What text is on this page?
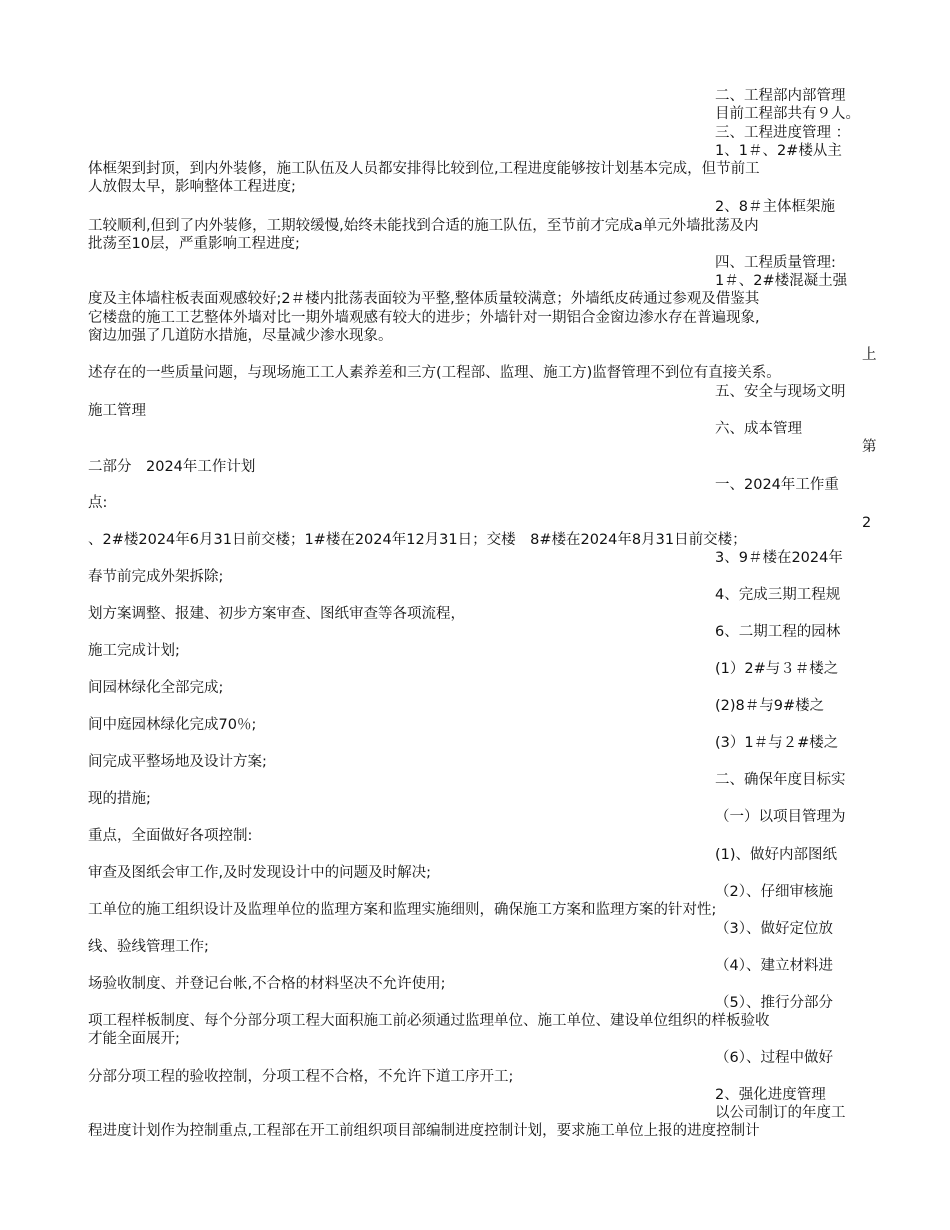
二、工程部内部管理
目前工程部共有９人。
三、工程进度管理 ：
1、1＃、2#楼从主
体框架到封顶，到内外装修，施工队伍及人员都安排得比较到位,工程进度能够按计划基本完成，但节前工
人放假太早，影响整体工程进度;
2、8＃主体框架施
工较顺利,但到了内外装修，工期较缓慢,始终未能找到合适的施工队伍，至节前才完成a单元外墙批荡及内
批荡至10层，严重影响工程进度;
四、工程质量管理:
1＃、2#楼混凝土强
度及主体墙柱板表面观感较好;2＃楼内批荡表面较为平整,整体质量较满意；外墙纸皮砖通过参观及借鉴其
它楼盘的施工工艺整体外墙对比一期外墙观感有较大的进步；外墙针对一期铝合金窗边渗水存在普遍现象,
窗边加强了几道防水措施，尽量减少渗水现象。
上
述存在的一些质量问题，与现场施工工人素养差和三方(工程部、监理、施工方)监督管理不到位有直接关系。
五、安全与现场文明
施工管理
六、成本管理
第
二部分　2024年工作计划
一、2024年工作重
点:
2
、2#楼2024年6月31日前交楼；1#楼在2024年12月31日；交楼　8#楼在2024年8月31日前交楼；
3、9＃楼在2024年
春节前完成外架拆除;
4、完成三期工程规
划方案调整、报建、初步方案审查、图纸审查等各项流程，
6、二期工程的园林
施工完成计划;
(1）2#与３＃楼之
间园林绿化全部完成;
(2)8＃与9#楼之
间中庭园林绿化完成70％;
(3）1＃与２#楼之
间完成平整场地及设计方案;
二、确保年度目标实
现的措施;
（一）以项目管理为
重点，全面做好各项控制:
(1)、做好内部图纸
审查及图纸会审工作,及时发现设计中的问题及时解决;
（2）、仔细审核施
工单位的施工组织设计及监理单位的监理方案和监理实施细则，确保施工方案和监理方案的针对性;
（3）、做好定位放
线、验线管理工作;
（4）、建立材料进
场验收制度、并登记台帐,不合格的材料坚决不允许使用;
（5）、推行分部分
项工程样板制度、每个分部分项工程大面积施工前必须通过监理单位、施工单位、建设单位组织的样板验收
才能全面展开;
（6）、过程中做好
分部分项工程的验收控制，分项工程不合格，不允许下道工序开工;
2、强化进度管理
以公司制订的年度工
程进度计划作为控制重点,工程部在开工前组织项目部编制进度控制计划，要求施工单位上报的进度控制计
